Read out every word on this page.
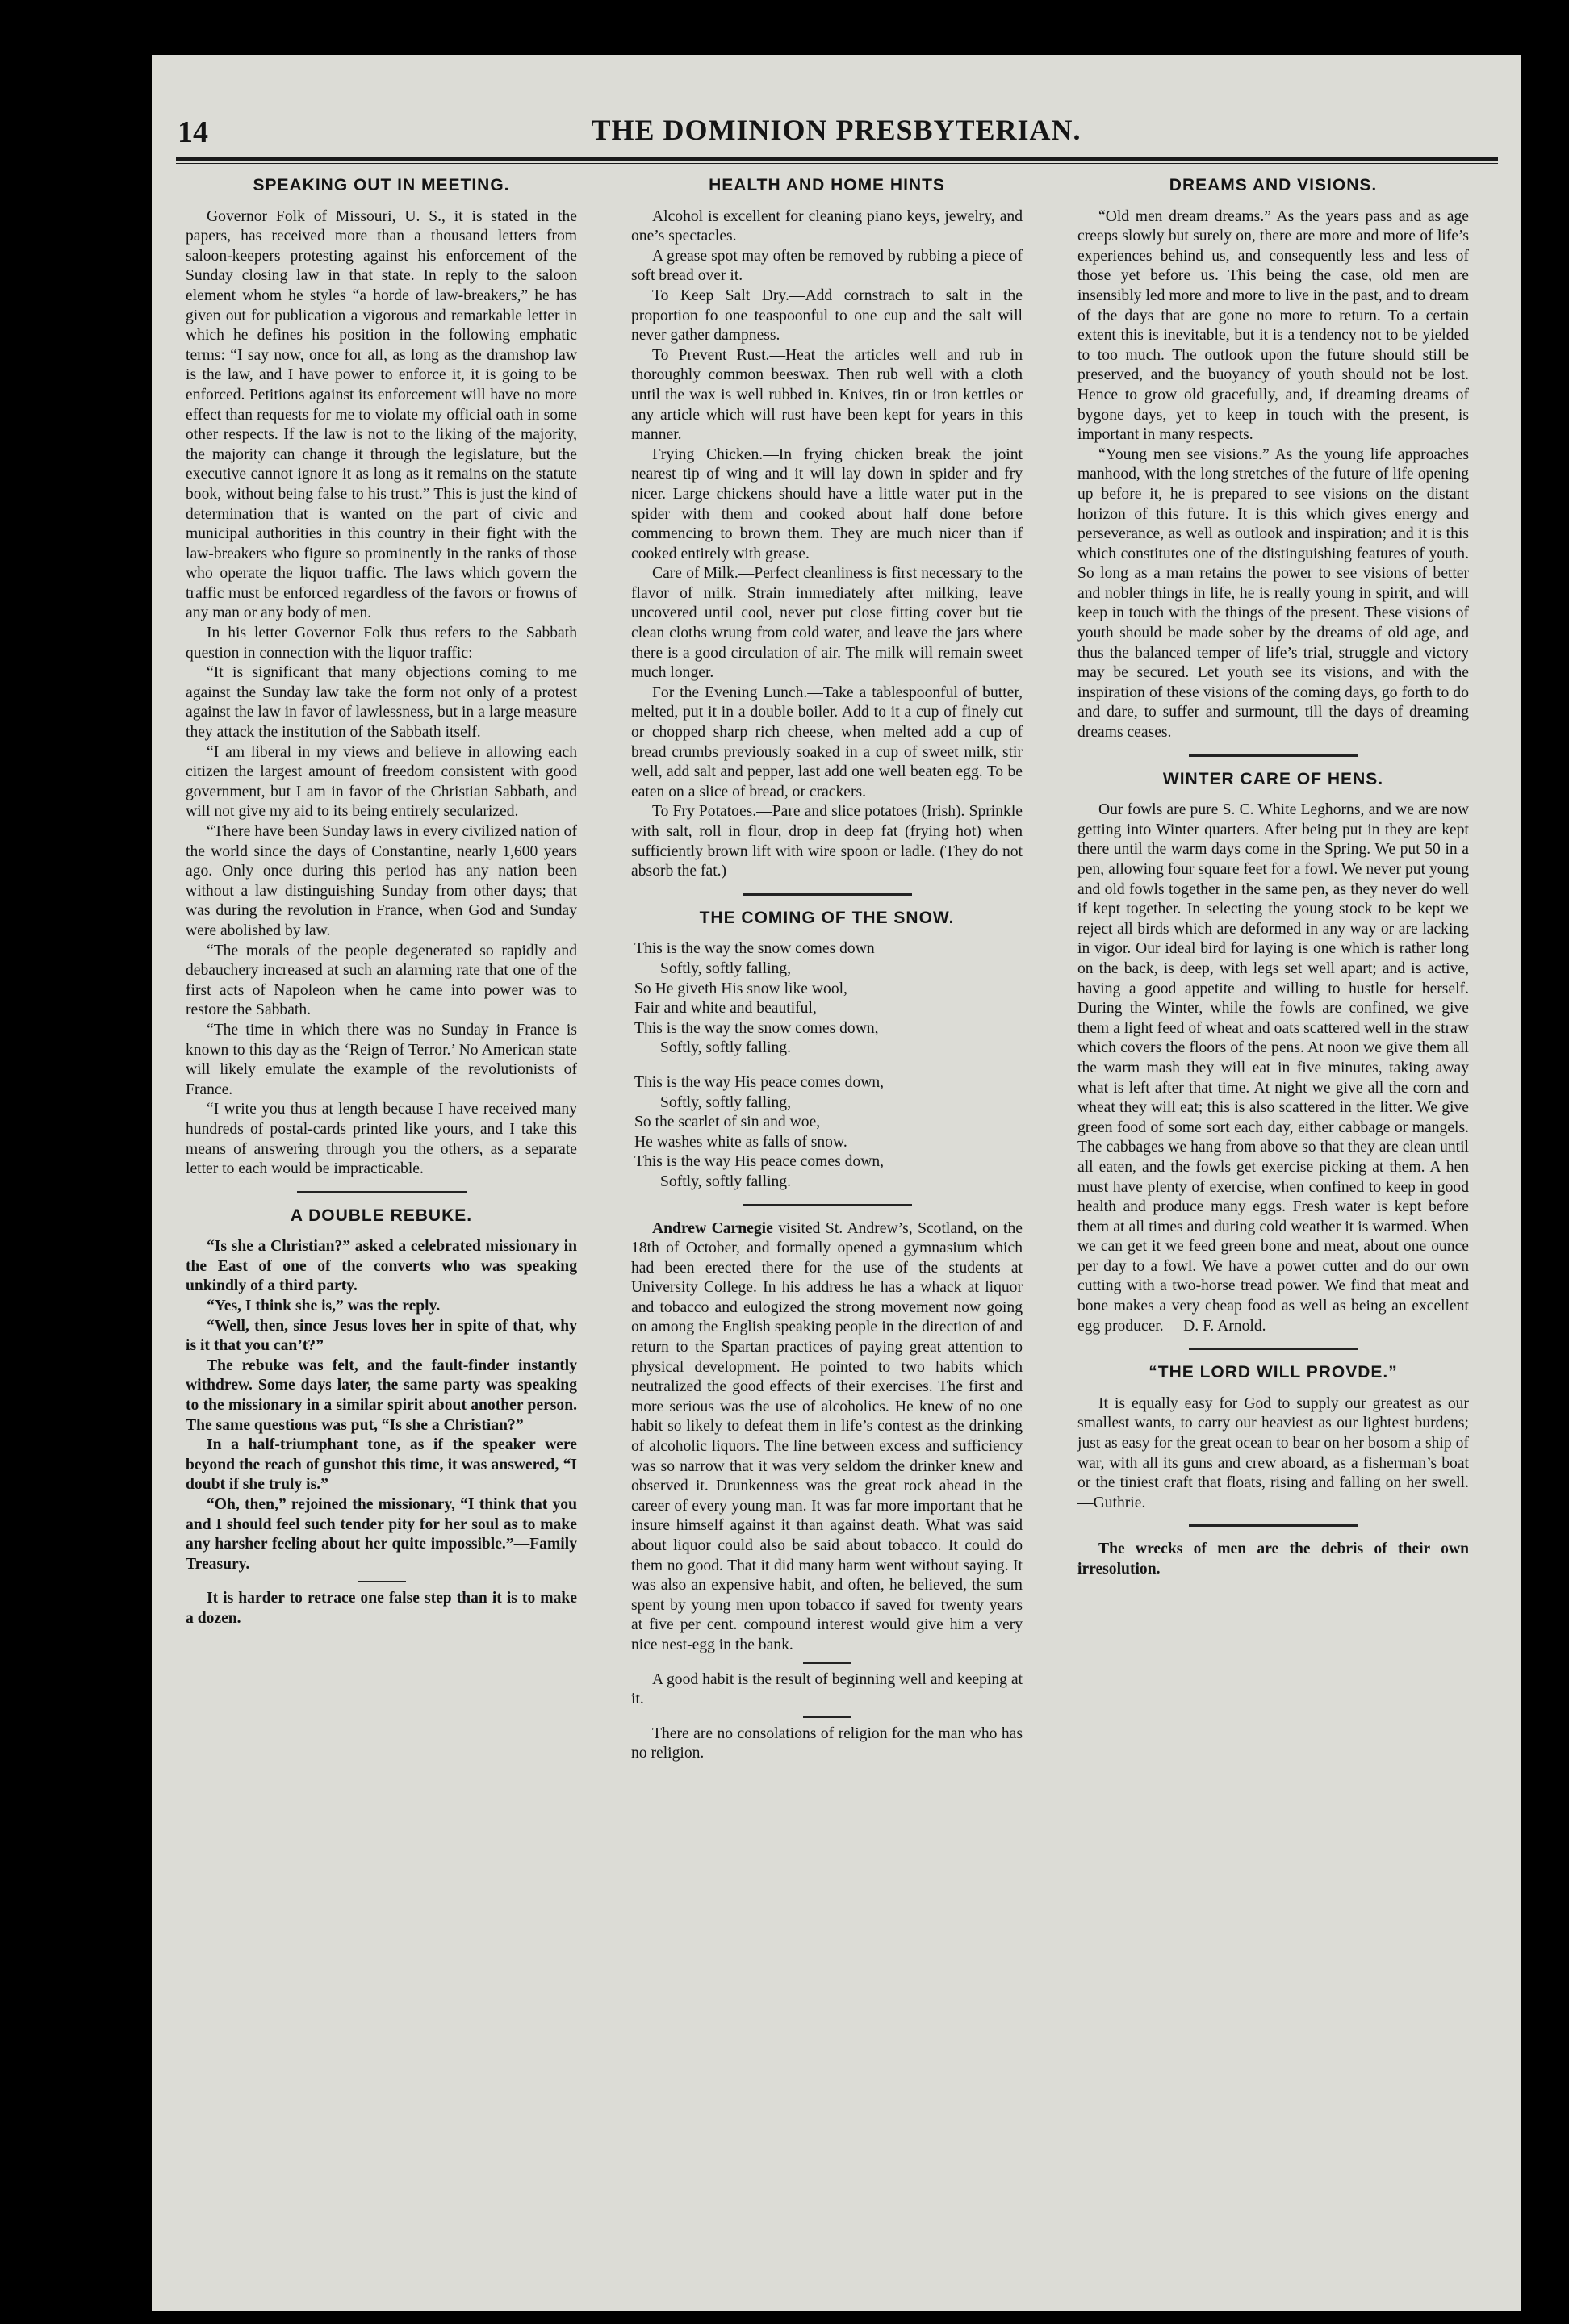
14	THE DOMINION PRESBYTERIAN.
SPEAKING OUT IN MEETING.

Governor Folk of Missouri, U. S., it is stated in the papers, has received more than a thousand letters from saloon-keepers protesting against his enforcement of the Sunday closing law in that state. In reply to the saloon element whom he styles “a horde of law-breakers,” he has given out for publication a vigorous and remarkable letter in which he defines his position in the following emphatic terms: “I say now, once for all, as long as the dramshop law is the law, and I have power to enforce it, it is going to be enforced. Petitions against its enforcement will have no more effect than requests for me to violate my official oath in some other respects. If the law is not to the liking of the majority, the majority can change it through the legislature, but the executive cannot ignore it as long as it remains on the statute book, without being false to his trust.” This is just the kind of determination that is wanted on the part of civic and municipal authorities in this country in their fight with the law-breakers who figure so prominently in the ranks of those who operate the liquor traffic. The laws which govern the traffic must be enforced regardless of the favors or frowns of any man or any body of men.

In his letter Governor Folk thus refers to the Sabbath question in connection with the liquor traffic:

“It is significant that many objections coming to me against the Sunday law take the form not only of a protest against the law in favor of lawlessness, but in a large measure they attack the institution of the Sabbath itself.

“I am liberal in my views and believe in allowing each citizen the largest amount of freedom consistent with good government, but I am in favor of the Christian Sabbath, and will not give my aid to its being entirely secularized.

“There have been Sunday laws in every civilized nation of the world since the days of Constantine, nearly 1,600 years ago. Only once during this period has any nation been without a law distinguishing Sunday from other days; that was during the revolution in France, when God and Sunday were abolished by law.

“The morals of the people degenerated so rapidly and debauchery increased at such an alarming rate that one of the first acts of Napoleon when he came into power was to restore the Sabbath.

“The time in which there was no Sunday in France is known to this day as the ‘Reign of Terror.’ No American state will likely emulate the example of the revolutionists of France.

“I write you thus at length because I have received many hundreds of postal-cards printed like yours, and I take this means of answering through you the others, as a separate letter to each would be impracticable.

A DOUBLE REBUKE.

“Is she a Christian?” asked a celebrated missionary in the East of one of the converts who was speaking unkindly of a third party.

“Yes, I think she is,” was the reply.

“Well, then, since Jesus loves her in spite of that, why is it that you can’t?”

The rebuke was felt, and the fault-finder instantly withdrew. Some days later, the same party was speaking to the missionary in a similar spirit about another person. The same questions was put, “Is she a Christian?”

In a half-triumphant tone, as if the speaker were beyond the reach of gunshot this time, it was answered, “I doubt if she truly is.”

“Oh, then,” rejoined the missionary, “I think that you and I should feel such tender pity for her soul as to make any harsher feeling about her quite impossible.”—Family Treasury.

It is harder to retrace one false step than it is to make a dozen.

HEALTH AND HOME HINTS

Alcohol is excellent for cleaning piano keys, jewelry, and one’s spectacles.

A grease spot may often be removed by rubbing a piece of soft bread over it.

To Keep Salt Dry.—Add cornstrach to salt in the proportion fo one teaspoonful to one cup and the salt will never gather dampness.

To Prevent Rust.—Heat the articles well and rub in thoroughly common beeswax. Then rub well with a cloth until the wax is well rubbed in. Knives, tin or iron kettles or any article which will rust have been kept for years in this manner.

Frying Chicken.—In frying chicken break the joint nearest tip of wing and it will lay down in spider and fry nicer. Large chickens should have a little water put in the spider with them and cooked about half done before commencing to brown them. They are much nicer than if cooked entirely with grease.

Care of Milk.—Perfect cleanliness is first necessary to the flavor of milk. Strain immediately after milking, leave uncovered until cool, never put close fitting cover but tie clean cloths wrung from cold water, and leave the jars where there is a good circulation of air. The milk will remain sweet much longer.

For the Evening Lunch.—Take a tablespoonful of butter, melted, put it in a double boiler. Add to it a cup of finely cut or chopped sharp rich cheese, when melted add a cup of bread crumbs previously soaked in a cup of sweet milk, stir well, add salt and pepper, last add one well beaten egg. To be eaten on a slice of bread, or crackers.

To Fry Potatoes.—Pare and slice potatoes (Irish). Sprinkle with salt, roll in flour, drop in deep fat (frying hot) when sufficiently brown lift with wire spoon or ladle. (They do not absorb the fat.)

THE COMING OF THE SNOW.
This is the way the snow comes down
Softly, softly falling,
So He giveth His snow like wool,
Fair and white and beautiful,
This is the way the snow comes down,
Softly, softly falling.
This is the way His peace comes down,
Softly, softly falling,
So the scarlet of sin and woe,
He washes white as falls of snow.
This is the way His peace comes down,
Softly, softly falling.

Andrew Carnegie visited St. Andrew’s, Scotland, on the 18th of October, and formally opened a gymnasium which had been erected there for the use of the students at University College. In his address he has a whack at liquor and tobacco and eulogized the strong movement now going on among the English speaking people in the direction of and return to the Spartan practices of paying great attention to physical development. He pointed to two habits which neutralized the good effects of their exercises. The first and more serious was the use of alcoholics. He knew of no one habit so likely to defeat them in life’s contest as the drinking of alcoholic liquors. The line between excess and sufficiency was so narrow that it was very seldom the drinker knew and observed it. Drunkenness was the great rock ahead in the career of every young man. It was far more important that he insure himself against it than against death. What was said about liquor could also be said about tobacco. It could do them no good. That it did many harm went without saying. It was also an expensive habit, and often, he believed, the sum spent by young men upon tobacco if saved for twenty years at five per cent. compound interest would give him a very nice nest-egg in the bank.

A good habit is the result of beginning well and keeping at it.

There are no consolations of religion for the man who has no religion.

DREAMS AND VISIONS.

“Old men dream dreams.” As the years pass and as age creeps slowly but surely on, there are more and more of life’s experiences behind us, and consequently less and less of those yet before us. This being the case, old men are insensibly led more and more to live in the past, and to dream of the days that are gone no more to return. To a certain extent this is inevitable, but it is a tendency not to be yielded to too much. The outlook upon the future should still be preserved, and the buoyancy of youth should not be lost. Hence to grow old gracefully, and, if dreaming dreams of bygone days, yet to keep in touch with the present, is important in many respects.

“Young men see visions.” As the young life approaches manhood, with the long stretches of the future of life opening up before it, he is prepared to see visions on the distant horizon of this future. It is this which gives energy and perseverance, as well as outlook and inspiration; and it is this which constitutes one of the distinguishing features of youth. So long as a man retains the power to see visions of better and nobler things in life, he is really young in spirit, and will keep in touch with the things of the present. These visions of youth should be made sober by the dreams of old age, and thus the balanced temper of life’s trial, struggle and victory may be secured. Let youth see its visions, and with the inspiration of these visions of the coming days, go forth to do and dare, to suffer and surmount, till the days of dreaming dreams ceases.

WINTER CARE OF HENS.

Our fowls are pure S. C. White Leghorns, and we are now getting into Winter quarters. After being put in they are kept there until the warm days come in the Spring. We put 50 in a pen, allowing four square feet for a fowl. We never put young and old fowls together in the same pen, as they never do well if kept together. In selecting the young stock to be kept we reject all birds which are deformed in any way or are lacking in vigor. Our ideal bird for laying is one which is rather long on the back, is deep, with legs set well apart; and is active, having a good appetite and willing to hustle for herself. During the Winter, while the fowls are confined, we give them a light feed of wheat and oats scattered well in the straw which covers the floors of the pens. At noon we give them all the warm mash they will eat in five minutes, taking away what is left after that time. At night we give all the corn and wheat they will eat; this is also scattered in the litter. We give green food of some sort each day, either cabbage or mangels. The cabbages we hang from above so that they are clean until all eaten, and the fowls get exercise picking at them. A hen must have plenty of exercise, when confined to keep in good health and produce many eggs. Fresh water is kept before them at all times and during cold weather it is warmed. When we can get it we feed green bone and meat, about one ounce per day to a fowl. We have a power cutter and do our own cutting with a two-horse tread power. We find that meat and bone makes a very cheap food as well as being an excellent egg producer. —D. F. Arnold.

“THE LORD WILL PROVDE.”

It is equally easy for God to supply our greatest as our smallest wants, to carry our heaviest as our lightest burdens; just as easy for the great ocean to bear on her bosom a ship of war, with all its guns and crew aboard, as a fisherman’s boat or the tiniest craft that floats, rising and falling on her swell.—Guthrie.

The wrecks of men are the debris of their own irresolution.
